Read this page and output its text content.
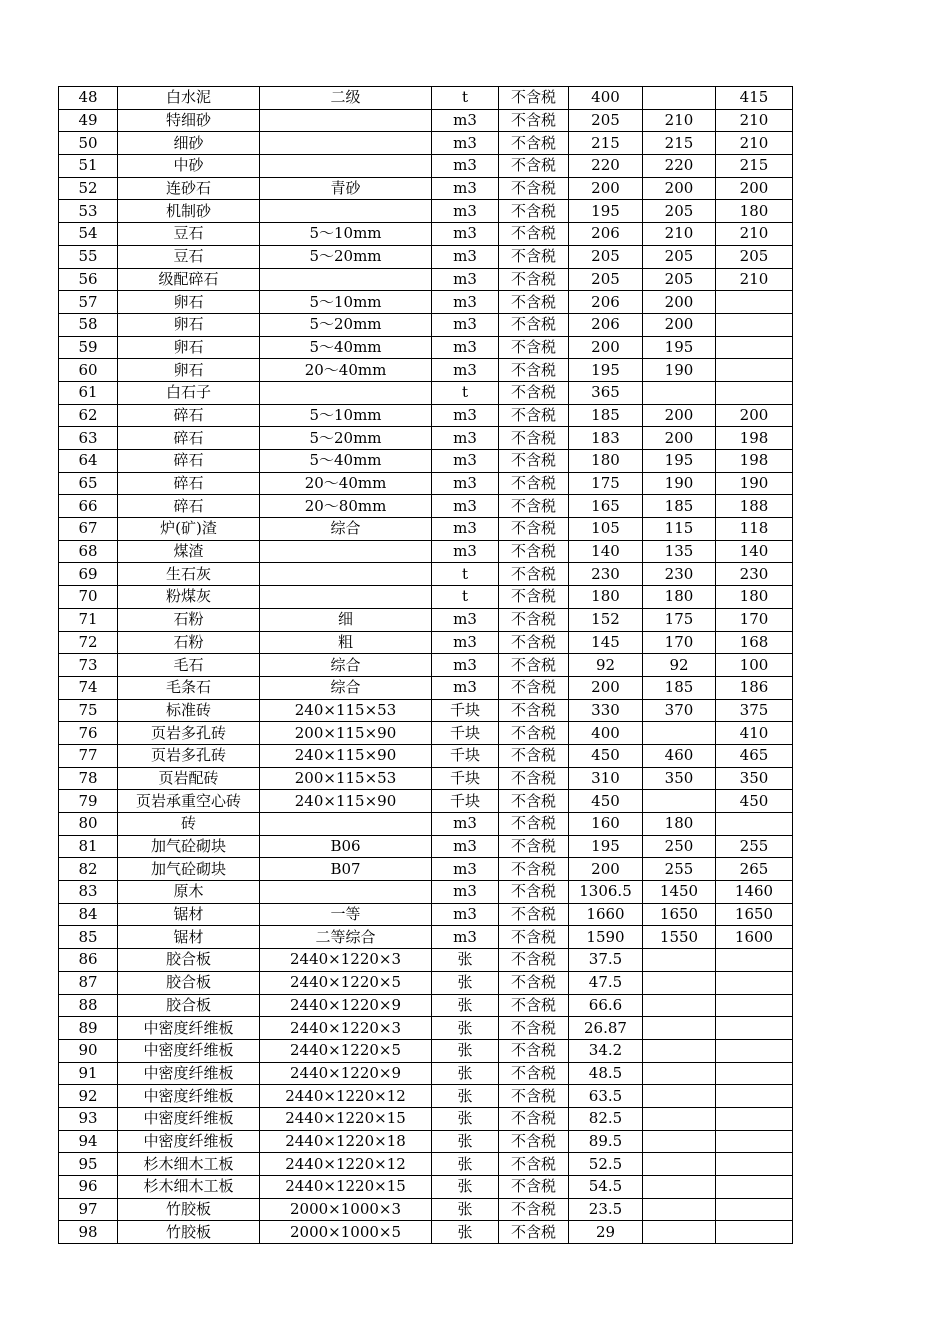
48	白水泥	二级	t	不含税	400		415
49	特细砂		m3	不含税	205	210	210
50	细砂		m3	不含税	215	215	210
51	中砂		m3	不含税	220	220	215
52	连砂石	青砂	m3	不含税	200	200	200
53	机制砂		m3	不含税	195	205	180
54	豆石	5～10mm	m3	不含税	206	210	210
55	豆石	5～20mm	m3	不含税	205	205	205
56	级配碎石		m3	不含税	205	205	210
57	卵石	5～10mm	m3	不含税	206	200	
58	卵石	5～20mm	m3	不含税	206	200	
59	卵石	5～40mm	m3	不含税	200	195	
60	卵石	20～40mm	m3	不含税	195	190	
61	白石子		t	不含税	365		
62	碎石	5～10mm	m3	不含税	185	200	200
63	碎石	5～20mm	m3	不含税	183	200	198
64	碎石	5～40mm	m3	不含税	180	195	198
65	碎石	20～40mm	m3	不含税	175	190	190
66	碎石	20～80mm	m3	不含税	165	185	188
67	炉(矿)渣	综合	m3	不含税	105	115	118
68	煤渣		m3	不含税	140	135	140
69	生石灰		t	不含税	230	230	230
70	粉煤灰		t	不含税	180	180	180
71	石粉	细	m3	不含税	152	175	170
72	石粉	粗	m3	不含税	145	170	168
73	毛石	综合	m3	不含税	92	92	100
74	毛条石	综合	m3	不含税	200	185	186
75	标准砖	240×115×53	千块	不含税	330	370	375
76	页岩多孔砖	200×115×90	千块	不含税	400		410
77	页岩多孔砖	240×115×90	千块	不含税	450	460	465
78	页岩配砖	200×115×53	千块	不含税	310	350	350
79	页岩承重空心砖	240×115×90	千块	不含税	450		450
80	砖		m3	不含税	160	180	
81	加气砼砌块	B06	m3	不含税	195	250	255
82	加气砼砌块	B07	m3	不含税	200	255	265
83	原木		m3	不含税	1306.5	1450	1460
84	锯材	一等	m3	不含税	1660	1650	1650
85	锯材	二等综合	m3	不含税	1590	1550	1600
86	胶合板	2440×1220×3	张	不含税	37.5		
87	胶合板	2440×1220×5	张	不含税	47.5		
88	胶合板	2440×1220×9	张	不含税	66.6		
89	中密度纤维板	2440×1220×3	张	不含税	26.87		
90	中密度纤维板	2440×1220×5	张	不含税	34.2		
91	中密度纤维板	2440×1220×9	张	不含税	48.5		
92	中密度纤维板	2440×1220×12	张	不含税	63.5		
93	中密度纤维板	2440×1220×15	张	不含税	82.5		
94	中密度纤维板	2440×1220×18	张	不含税	89.5		
95	杉木细木工板	2440×1220×12	张	不含税	52.5		
96	杉木细木工板	2440×1220×15	张	不含税	54.5		
97	竹胶板	2000×1000×3	张	不含税	23.5		
98	竹胶板	2000×1000×5	张	不含税	29		
